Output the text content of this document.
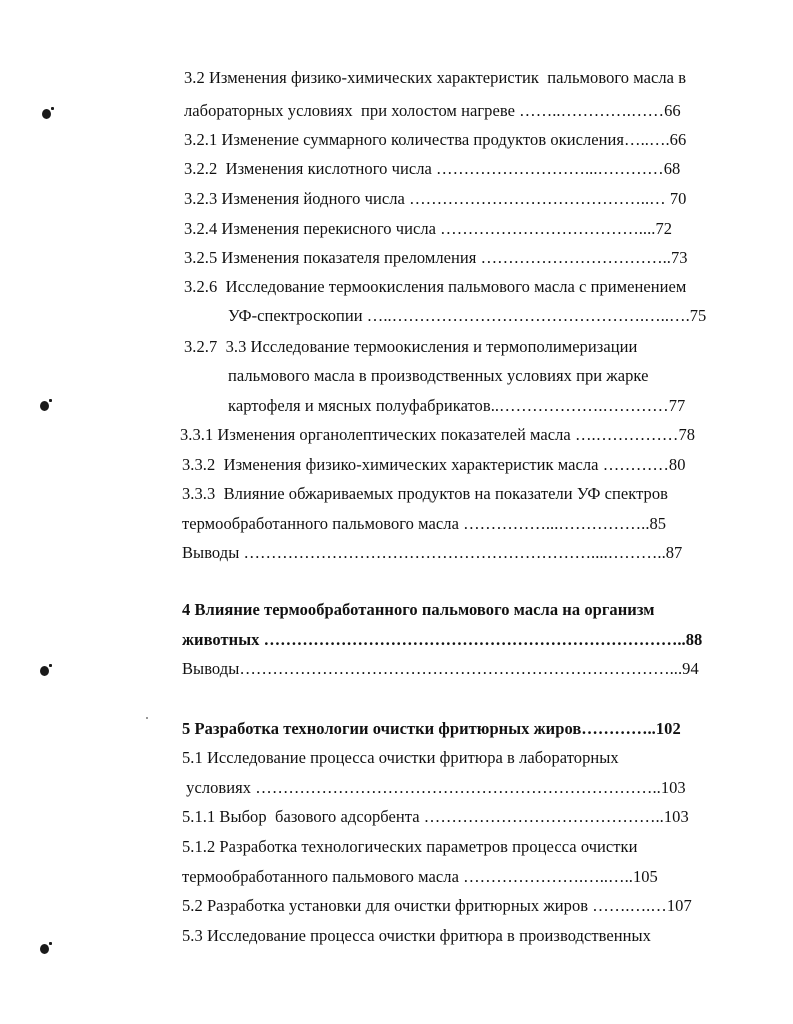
3.2 Изменения физико-химических характеристик  пальмового масла в
лабораторных условиях  при холостом нагреве ……..………….……66
3.2.1 Изменение суммарного количества продуктов окисления…..….66
3.2.2  Изменения кислотного числа ………………………...…………68
3.2.3 Изменения йодного числа ……………………………………..… 70
3.2.4 Изменения перекисного числа ………………………………....72
3.2.5 Изменения показателя преломления ……………………………..73
3.2.6  Исследование термоокисления пальмового масла с применением
УФ-спектроскопии …..……………………………………….…..….75
3.2.7  3.3 Исследование термоокисления и термополимеризации
пальмового масла в производственных условиях при жарке
картофеля и мясных полуфабрикатов..……………….…………77
3.3.1 Изменения органолептических показателей масла ….……………78
3.3.2  Изменения физико-химических характеристик масла …………80
3.3.3  Влияние обжариваемых продуктов на показатели УФ спектров
термообработанного пальмового масла ……………...……………..85
Выводы ………………………………………………………....………..87
4 Влияние термообработанного пальмового масла на организм
животных …………………………………………………………………..88
Выводы……………………………………………………………………...94
5 Разработка технологии очистки фритюрных жиров…………..102
5.1 Исследование процесса очистки фритюра в лабораторных
условиях ………………………………………………………………..103
5.1.1 Выбор  базового адсорбента ……………………………………..103
5.1.2 Разработка технологических параметров процесса очистки
термообработанного пальмового масла ………………….…..…..105
5.2 Разработка установки для очистки фритюрных жиров …….….…107
5.3 Исследование процесса очистки фритюра в производственных
